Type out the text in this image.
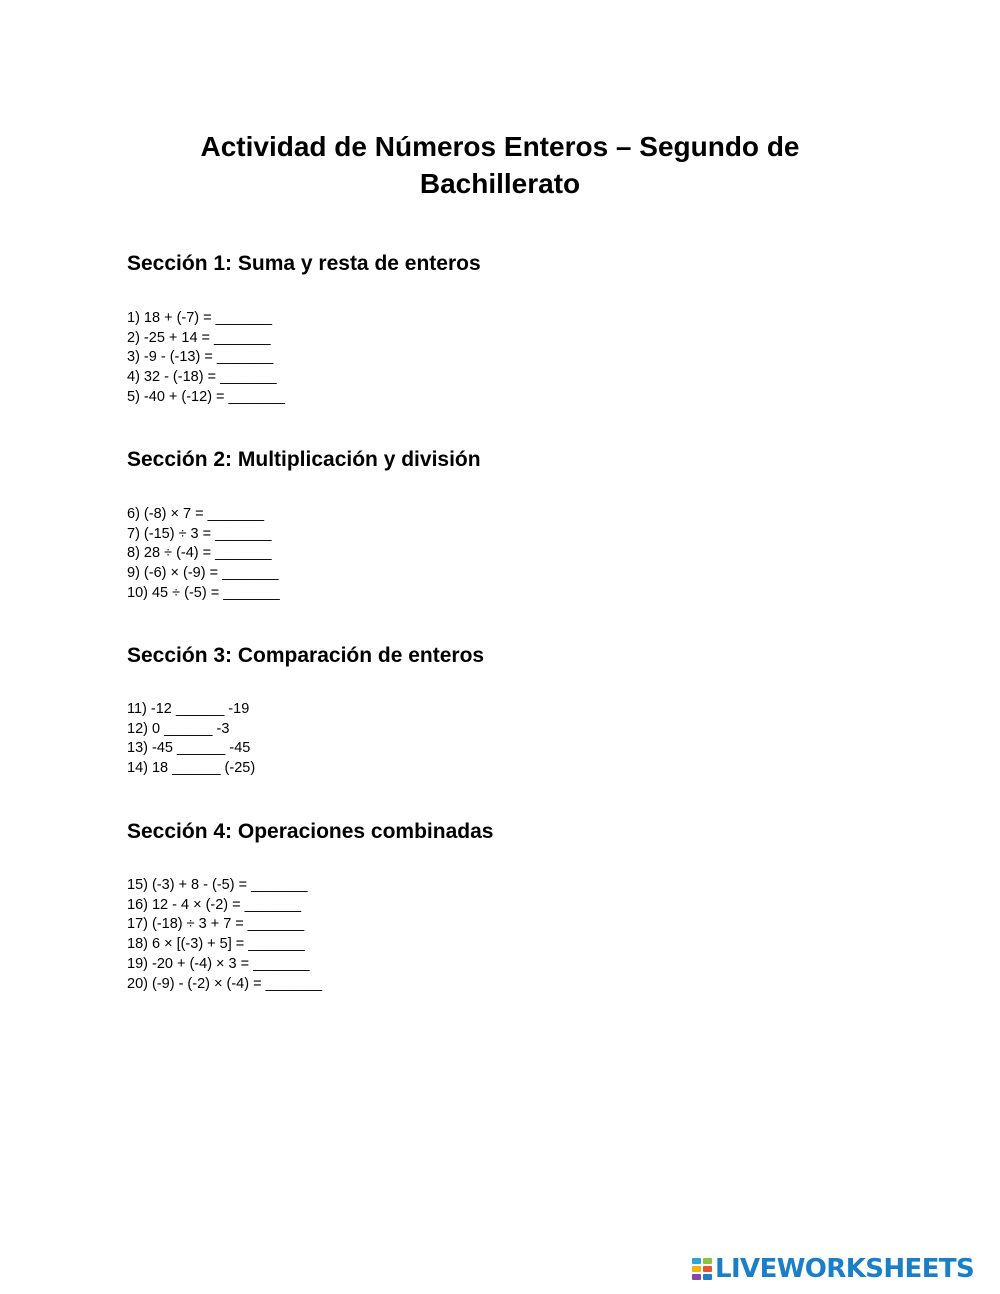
Actividad de Números Enteros – Segundo de Bachillerato
Sección 1: Suma y resta de enteros
1) 18 + (-7) = _______
2) -25 + 14 = _______
3) -9 - (-13) = _______
4) 32 - (-18) = _______
5) -40 + (-12) = _______
Sección 2: Multiplicación y división
6) (-8) × 7 = _______
7) (-15) ÷ 3 = _______
8) 28 ÷ (-4) = _______
9) (-6) × (-9) = _______
10) 45 ÷ (-5) = _______
Sección 3: Comparación de enteros
11) -12 ______ -19
12) 0 ______ -3
13) -45 ______ -45
14) 18 ______ (-25)
Sección 4: Operaciones combinadas
15) (-3) + 8 - (-5) = _______
16) 12 - 4 × (-2) = _______
17) (-18) ÷ 3 + 7 = _______
18) 6 × [(-3) + 5] = _______
19) -20 + (-4) × 3 = _______
20) (-9) - (-2) × (-4) = _______
LIVEWORKSHEETS
